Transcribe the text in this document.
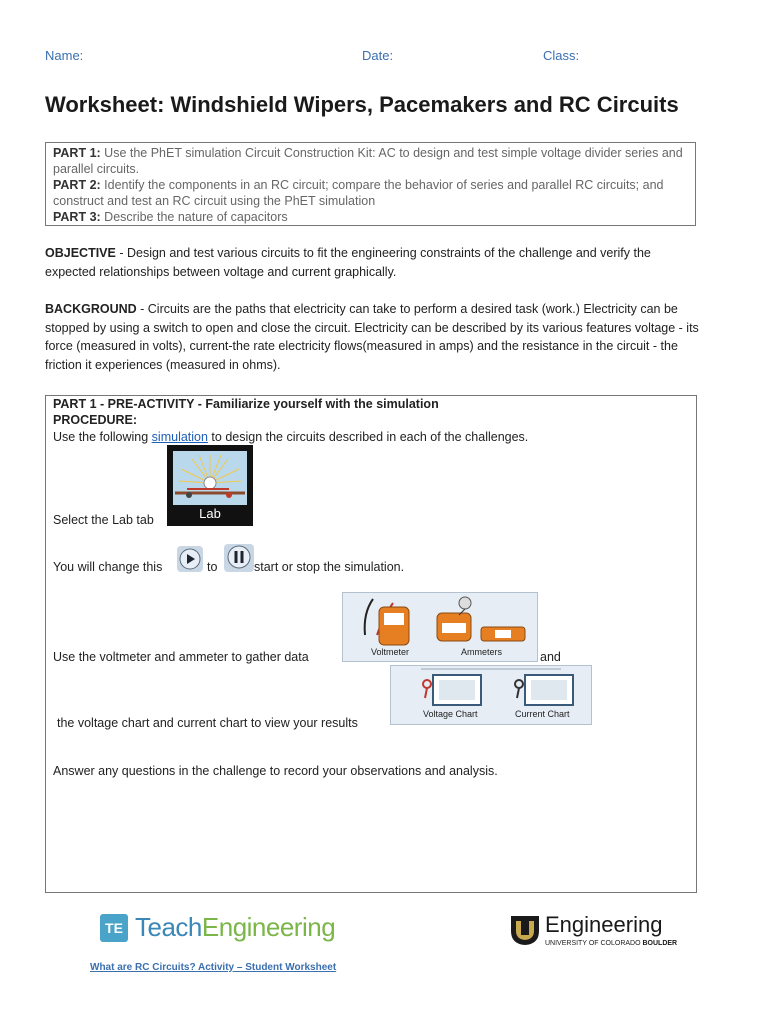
Name:	Date:	Class:
Worksheet: Windshield Wipers, Pacemakers and RC Circuits
PART 1: Use the PhET simulation Circuit Construction Kit: AC to design and test simple voltage divider series and parallel circuits.
PART 2: Identify the components in an RC circuit; compare the behavior of series and parallel RC circuits; and construct and test an RC circuit using the PhET simulation
PART 3: Describe the nature of capacitors
OBJECTIVE - Design and test various circuits to fit the engineering constraints of the challenge and verify the expected relationships between voltage and current graphically.
BACKGROUND - Circuits are the paths that electricity can take to perform a desired task (work.) Electricity can be stopped by using a switch to open and close the circuit. Electricity can be described by its various features voltage - its force (measured in volts), current-the rate electricity flows(measured in amps) and the resistance in the circuit - the friction it experiences (measured in ohms).
PART 1 - PRE-ACTIVITY - Familiarize yourself with the simulation
PROCEDURE:
Use the following simulation to design the circuits described in each of the challenges.
Select the Lab tab	Lab
You will change this	to	start or stop the simulation.
Use the voltmeter and ammeter to gather data	Voltmeter	Ammeters	and
the voltage chart and current chart to view your results
Voltage Chart	Current Chart
Answer any questions in the challenge to record your observations and analysis.
TE TeachEngineering	Engineering
UNIVERSITY OF COLORADO BOULDER
What are RC Circuits? Activity – Student Worksheet
